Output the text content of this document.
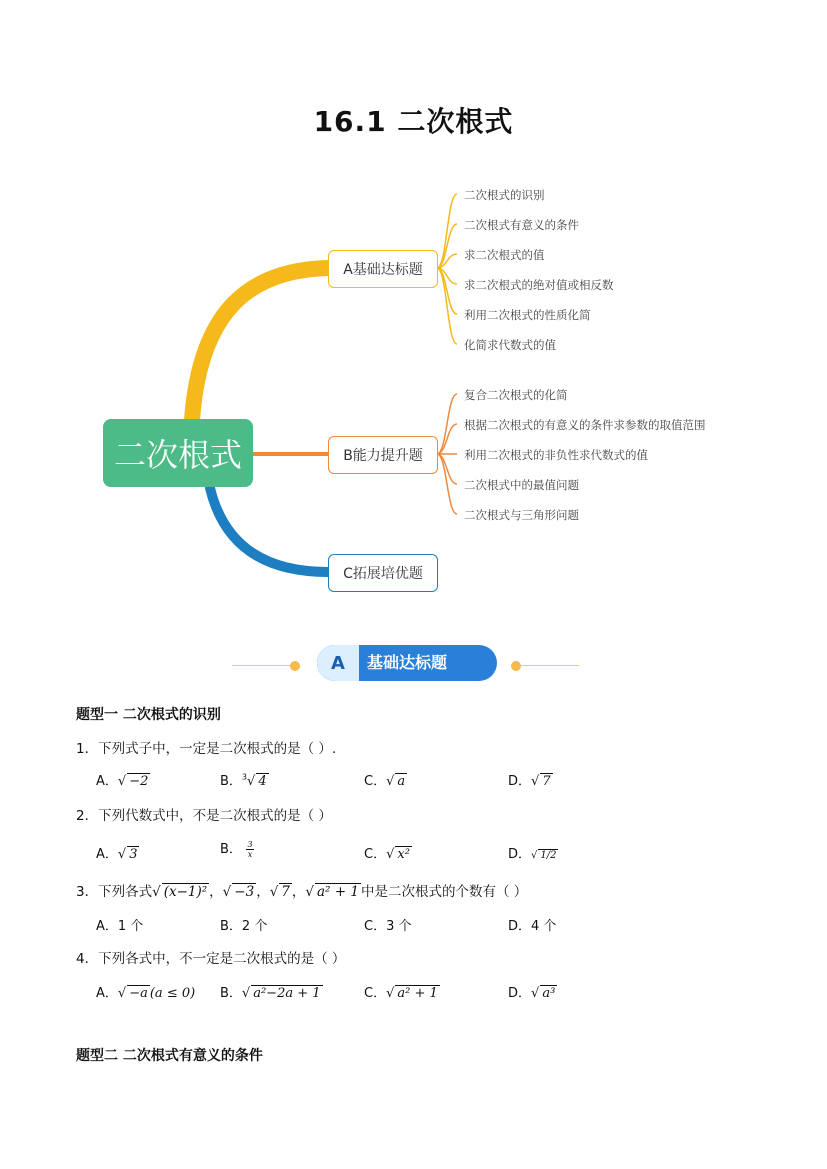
16.1 二次根式
二次根式
A基础达标题
B能力提升题
C拓展培优题
二次根式的识别
二次根式有意义的条件
求二次根式的值
求二次根式的绝对值或相反数
利用二次根式的性质化简
化简求代数式的值
复合二次根式的化简
根据二次根式的有意义的条件求参数的取值范围
利用二次根式的非负性求代数式的值
二次根式中的最值问题
二次根式与三角形问题
A	基础达标题
题型一 二次根式的识别
1．下列式子中，一定是二次根式的是（ ）.
A．√ −2	B．$^3$√ 4	C．√ a	D．√ 7
2．下列代数式中，不是二次根式的是（ ）
A．√ 3	B． $\frac{3}{x}$	C．√ x²	D．√ 1/2
3．下列各式√ (x−1)² ，√ −3 ，√ 7 ，√ a² + 1 中是二次根式的个数有（ ）
A．1 个	B．2 个	C．3 个	D．4 个
4．下列各式中，不一定是二次根式的是（ ）
A．√ −a (a ≤ 0) B．√ a²−2a + 1	C．√ a² + 1	D．√ a³
题型二 二次根式有意义的条件
